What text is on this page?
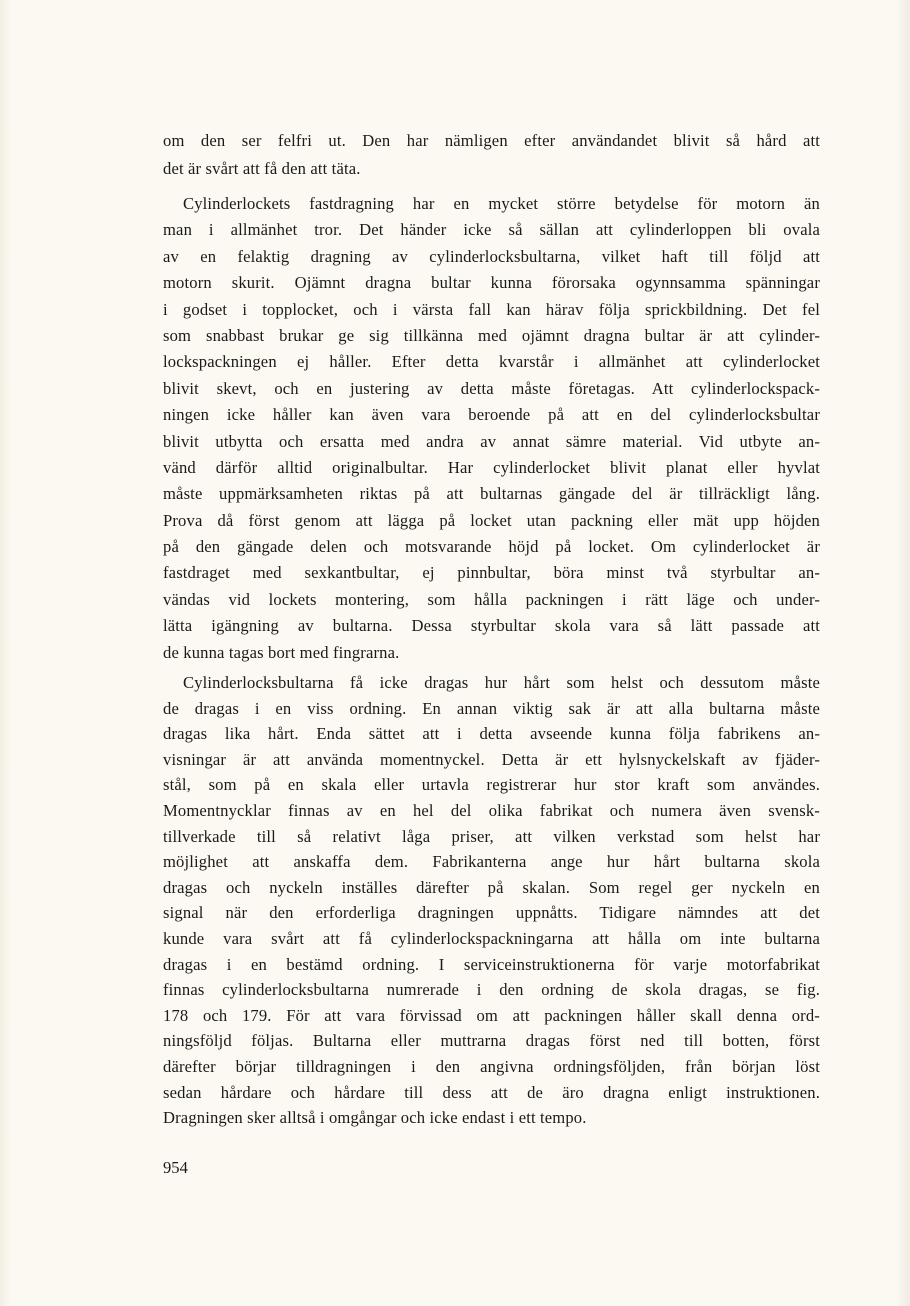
om den ser felfri ut. Den har nämligen efter användandet blivit så hård att
det är svårt att få den att täta.
Cylinderlockets fastdragning har en mycket större betydelse för motorn än
man i allmänhet tror. Det händer icke så sällan att cylinderloppen bli ovala
av en felaktig dragning av cylinderlocksbultarna, vilket haft till följd att
motorn skurit. Ojämnt dragna bultar kunna förorsaka ogynnsamma spänningar
i godset i topplocket, och i värsta fall kan härav följa sprickbildning. Det fel
som snabbast brukar ge sig tillkänna med ojämnt dragna bultar är att cylinder-
lockspackningen ej håller. Efter detta kvarstår i allmänhet att cylinderlocket
blivit skevt, och en justering av detta måste företagas. Att cylinderlockspack-
ningen icke håller kan även vara beroende på att en del cylinderlocksbultar
blivit utbytta och ersatta med andra av annat sämre material. Vid utbyte an-
vänd därför alltid originalbultar. Har cylinderlocket blivit planat eller hyvlat
måste uppmärksamheten riktas på att bultarnas gängade del är tillräckligt lång.
Prova då först genom att lägga på locket utan packning eller mät upp höjden
på den gängade delen och motsvarande höjd på locket. Om cylinderlocket är
fastdraget med sexkantbultar, ej pinnbultar, böra minst två styrbultar an-
vändas vid lockets montering, som hålla packningen i rätt läge och under-
lätta igängning av bultarna. Dessa styrbultar skola vara så lätt passade att
de kunna tagas bort med fingrarna.
Cylinderlocksbultarna få icke dragas hur hårt som helst och dessutom måste
de dragas i en viss ordning. En annan viktig sak är att alla bultarna måste
dragas lika hårt. Enda sättet att i detta avseende kunna följa fabrikens an-
visningar är att använda momentnyckel. Detta är ett hylsnyckelskaft av fjäder-
stål, som på en skala eller urtavla registrerar hur stor kraft som användes.
Momentnycklar finnas av en hel del olika fabrikat och numera även svensk-
tillverkade till så relativt låga priser, att vilken verkstad som helst har
möjlighet att anskaffa dem. Fabrikanterna ange hur hårt bultarna skola
dragas och nyckeln inställes därefter på skalan. Som regel ger nyckeln en
signal när den erforderliga dragningen uppnåtts. Tidigare nämndes att det
kunde vara svårt att få cylinderlockspackningarna att hålla om inte bultarna
dragas i en bestämd ordning. I serviceinstruktionerna för varje motorfabrikat
finnas cylinderlocksbultarna numrerade i den ordning de skola dragas, se fig.
178 och 179. För att vara förvissad om att packningen håller skall denna ord-
ningsföljd följas. Bultarna eller muttrarna dragas först ned till botten, först
därefter börjar tilldragningen i den angivna ordningsföljden, från början löst
sedan hårdare och hårdare till dess att de äro dragna enligt instruktionen.
Dragningen sker alltså i omgångar och icke endast i ett tempo.
954
